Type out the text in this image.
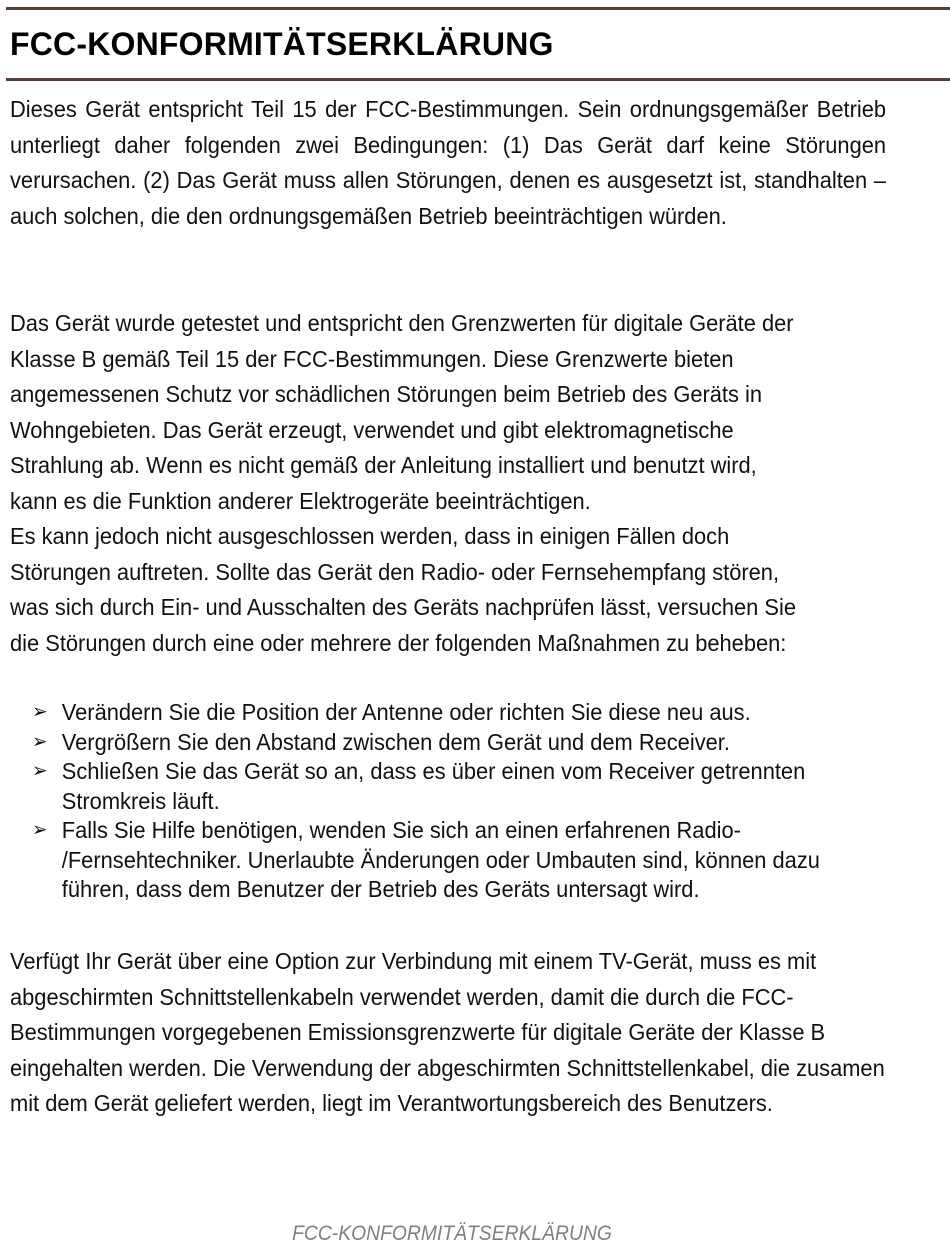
FCC-KONFORMITÄTSERKLÄRUNG

Dieses Gerät entspricht Teil 15 der FCC-Bestimmungen. Sein ordnungsgemäßer Betrieb unterliegt daher folgenden zwei Bedingungen: (1) Das Gerät darf keine Störungen verursachen. (2) Das Gerät muss allen Störungen, denen es ausgesetzt ist, standhalten – auch solchen, die den ordnungsgemäßen Betrieb beeinträchtigen würden.

Das Gerät wurde getestet und entspricht den Grenzwerten für digitale Geräte der

Klasse B gemäß Teil 15 der FCC-Bestimmungen. Diese Grenzwerte bieten

angemessenen Schutz vor schädlichen Störungen beim Betrieb des Geräts in

Wohngebieten. Das Gerät erzeugt, verwendet und gibt elektromagnetische

Strahlung ab. Wenn es nicht gemäß der Anleitung installiert und benutzt wird,

kann es die Funktion anderer Elektrogeräte beeinträchtigen.

Es kann jedoch nicht ausgeschlossen werden, dass in einigen Fällen doch

Störungen auftreten. Sollte das Gerät den Radio- oder Fernsehempfang stören,

was sich durch Ein- und Ausschalten des Geräts nachprüfen lässt, versuchen Sie

die Störungen durch eine oder mehrere der folgenden Maßnahmen zu beheben:

➢ Verändern Sie die Position der Antenne oder richten Sie diese neu aus.
➢ Vergrößern Sie den Abstand zwischen dem Gerät und dem Receiver.
➢ Schließen Sie das Gerät so an, dass es über einen vom Receiver getrennten
Stromkreis läuft.
➢ Falls Sie Hilfe benötigen, wenden Sie sich an einen erfahrenen Radio-
/Fernsehtechniker. Unerlaubte Änderungen oder Umbauten sind, können dazu
führen, dass dem Benutzer der Betrieb des Geräts untersagt wird.

Verfügt Ihr Gerät über eine Option zur Verbindung mit einem TV-Gerät, muss es mit abgeschirmten Schnittstellenkabeln verwendet werden, damit die durch die FCC-Bestimmungen vorgegebenen Emissionsgrenzwerte für digitale Geräte der Klasse B eingehalten werden. Die Verwendung der abgeschirmten Schnittstellenkabel, die zusamen mit dem Gerät geliefert werden, liegt im Verantwortungsbereich des Benutzers.

FCC-KONFORMITÄTSERKLÄRUNG
